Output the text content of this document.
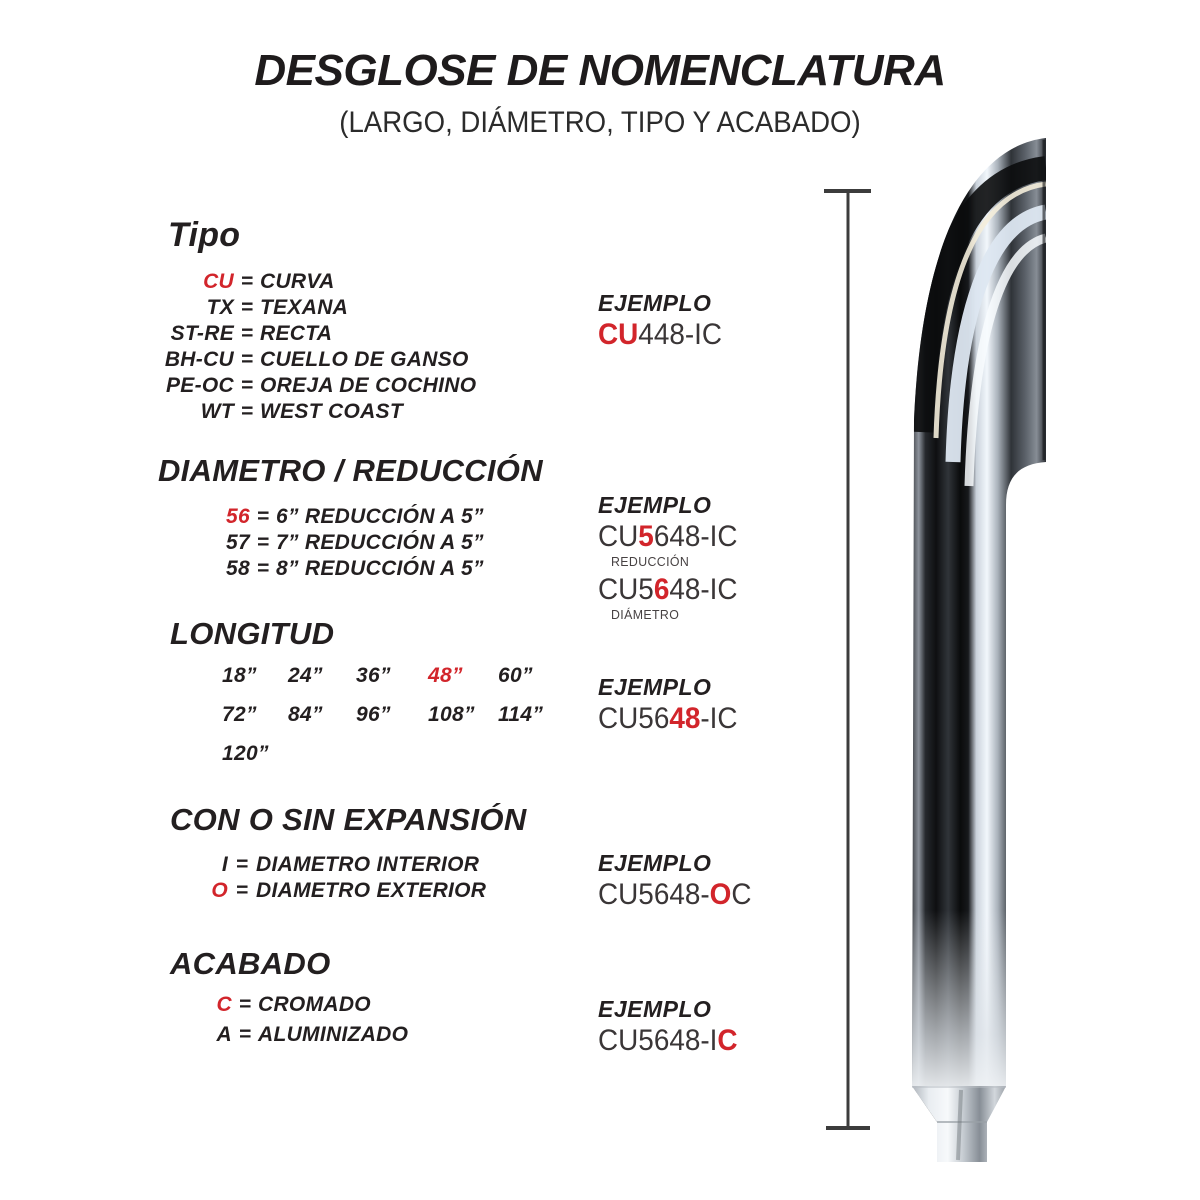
DESGLOSE DE NOMENCLATURA
(LARGO, DIÁMETRO, TIPO Y ACABADO)
Tipo
CU = CURVA
TX = TEXANA
ST-RE = RECTA
BH-CU = CUELLO DE GANSO
PE-OC = OREJA DE COCHINO
WT = WEST COAST
DIAMETRO / REDUCCIÓN
56 = 6” REDUCCIÓN A 5”
57 = 7” REDUCCIÓN A 5”
58 = 8” REDUCCIÓN A 5”
LONGITUD
18”	24”	36”	48”	60”
72”	84”	96”	108”	114”
120”
CON O SIN EXPANSIÓN
I = DIAMETRO INTERIOR
O = DIAMETRO EXTERIOR
ACABADO
C = CROMADO
A = ALUMINIZADO
EJEMPLO
CU448-IC
EJEMPLO
CU5648-IC
REDUCCIÓN
CU5648-IC
DIÁMETRO
EJEMPLO
CU5648-IC
EJEMPLO
CU5648-OC
EJEMPLO
CU5648-IC
